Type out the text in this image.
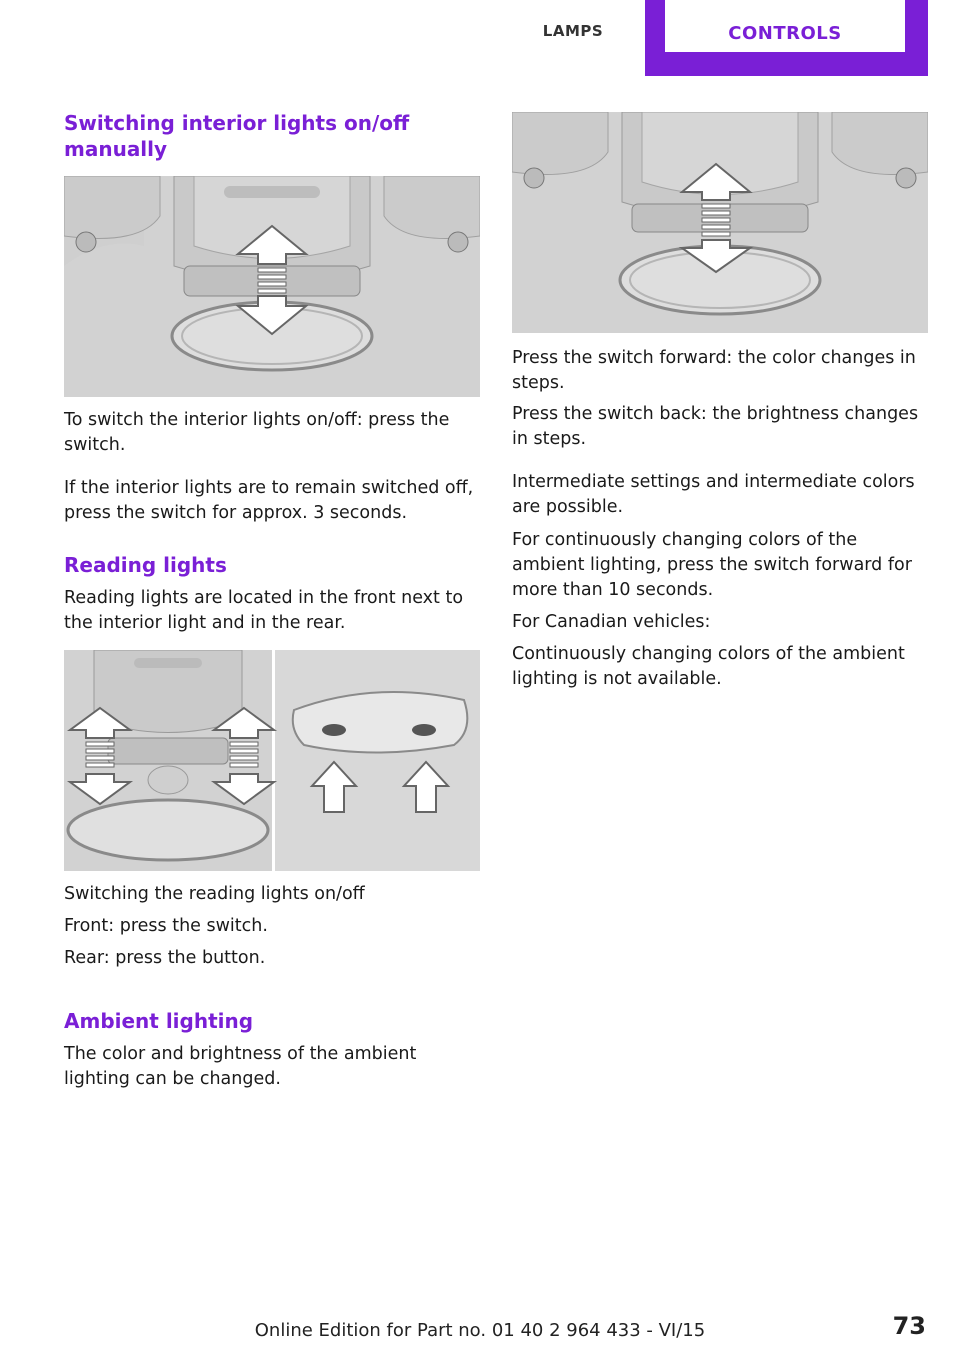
LAMPS	CONTROLS
Switching interior lights on/off manually

To switch the interior lights on/off: press the switch.

If the interior lights are to remain switched off, press the switch for approx. 3 seconds.

Reading lights

Reading lights are located in the front next to the interior light and in the rear.

Switching the reading lights on/off

Front: press the switch.

Rear: press the button.

Ambient lighting

The color and brightness of the ambient lighting can be changed.

Press the switch forward: the color changes in steps.

Press the switch back: the brightness changes in steps.

Intermediate settings and intermediate colors are possible.

For continuously changing colors of the ambient lighting, press the switch forward for more than 10 seconds.

For Canadian vehicles:

Continuously changing colors of the ambient lighting is not available.

Online Edition for Part no. 01 40 2 964 433 - VI/15	73
